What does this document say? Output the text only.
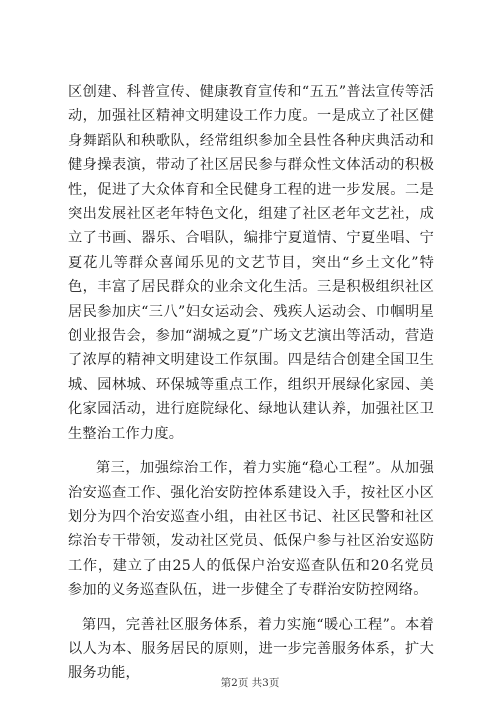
区创建、科普宣传、健康教育宣传和“五五”普法宣传等活动，加强社区精神文明建设工作力度。一是成立了社区健身舞蹈队和秧歌队，经常组织参加全县性各种庆典活动和健身操表演，带动了社区居民参与群众性文体活动的积极性，促进了大众体育和全民健身工程的进一步发展。二是突出发展社区老年特色文化，组建了社区老年文艺社，成立了书画、器乐、合唱队，编排宁夏道情、宁夏坐唱、宁夏花儿等群众喜闻乐见的文艺节目，突出“乡土文化”特色，丰富了居民群众的业余文化生活。三是积极组织社区居民参加庆“三八”妇女运动会、残疾人运动会、巾帼明星创业报告会，参加“湖城之夏”广场文艺演出等活动，营造了浓厚的精神文明建设工作氛围。四是结合创建全国卫生城、园林城、环保城等重点工作，组织开展绿化家园、美化家园活动，进行庭院绿化、绿地认建认养，加强社区卫生整治工作力度。

第三，加强综治工作，着力实施“稳心工程”。从加强治安巡查工作、强化治安防控体系建设入手，按社区小区划分为四个治安巡查小组，由社区书记、社区民警和社区综治专干带领，发动社区党员、低保户参与社区治安巡防工作，建立了由25人的低保户治安巡查队伍和20名党员参加的义务巡查队伍，进一步健全了专群治安防控网络。

第四，完善社区服务体系，着力实施“暖心工程”。本着以人为本、服务居民的原则，进一步完善服务体系，扩大服务功能，

第2页 共3页
